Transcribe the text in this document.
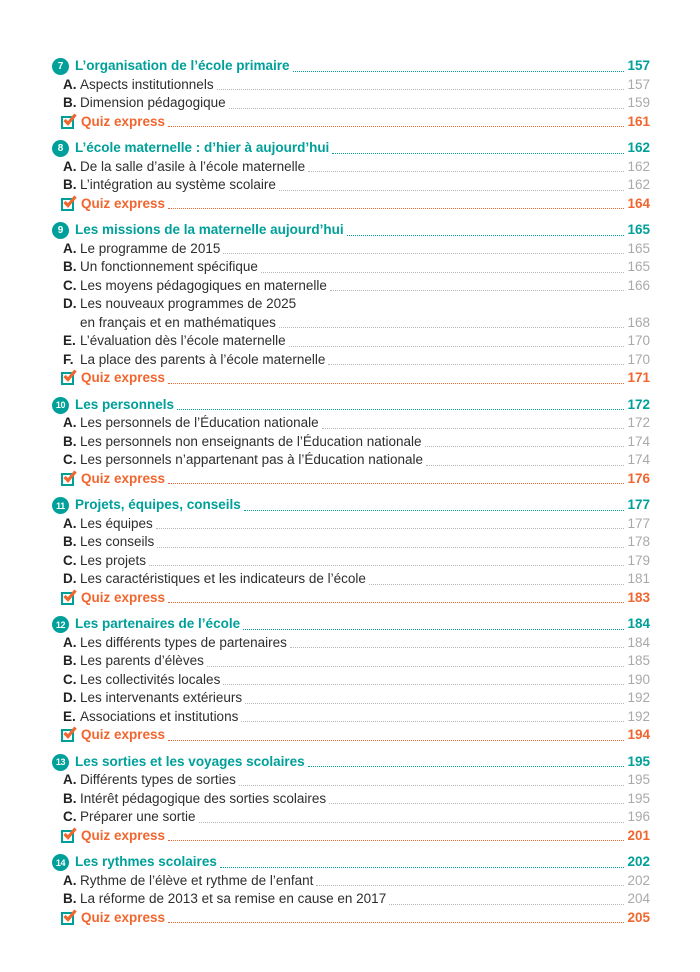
7 L’organisation de l’école primaire	157
A. Aspects institutionnels	157
B. Dimension pédagogique	159
Quiz express	161
8 L’école maternelle : d’hier à aujourd’hui	162
A. De la salle d’asile à l’école maternelle	162
B. L’intégration au système scolaire	162
Quiz express	164
9 Les missions de la maternelle aujourd’hui	165
A. Le programme de 2015	165
B. Un fonctionnement spécifique	165
C. Les moyens pédagogiques en maternelle	166
D. Les nouveaux programmes de 2025
en français et en mathématiques	168
E. L’évaluation dès l’école maternelle	170
F. La place des parents à l’école maternelle	170
Quiz express	171
10 Les personnels	172
A. Les personnels de l’Éducation nationale	172
B. Les personnels non enseignants de l’Éducation nationale	174
C. Les personnels n’appartenant pas à l’Éducation nationale	174
Quiz express	176
11 Projets, équipes, conseils	177
A. Les équipes	177
B. Les conseils	178
C. Les projets	179
D. Les caractéristiques et les indicateurs de l’école	181
Quiz express	183
12 Les partenaires de l’école	184
A. Les différents types de partenaires	184
B. Les parents d’élèves	185
C. Les collectivités locales	190
D. Les intervenants extérieurs	192
E. Associations et institutions	192
Quiz express	194
13 Les sorties et les voyages scolaires	195
A. Différents types de sorties	195
B. Intérêt pédagogique des sorties scolaires	195
C. Préparer une sortie	196
Quiz express	201
14 Les rythmes scolaires	202
A. Rythme de l’élève et rythme de l’enfant	202
B. La réforme de 2013 et sa remise en cause en 2017	204
Quiz express	205
